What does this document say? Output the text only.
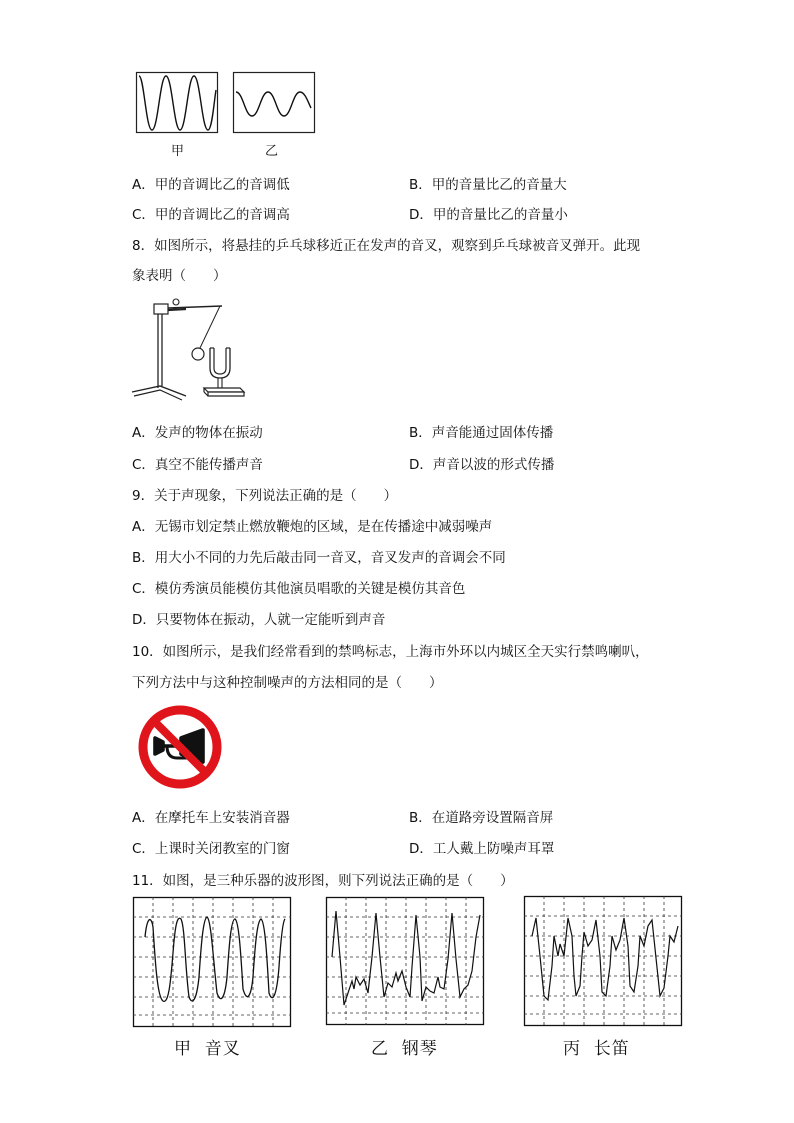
甲	乙
A．甲的音调比乙的音调低	B．甲的音量比乙的音量大
C．甲的音调比乙的音调高	D．甲的音量比乙的音量小
8．如图所示，将悬挂的乒乓球移近正在发声的音叉，观察到乒乓球被音叉弹开。此现
象表明（　　）
A．发声的物体在振动	B．声音能通过固体传播
C．真空不能传播声音	D．声音以波的形式传播
9．关于声现象，下列说法正确的是（　　）
A．无锡市划定禁止燃放鞭炮的区域，是在传播途中减弱噪声
B．用大小不同的力先后敲击同一音叉，音叉发声的音调会不同
C．模仿秀演员能模仿其他演员唱歌的关键是模仿其音色
D．只要物体在振动，人就一定能听到声音
10．如图所示，是我们经常看到的禁鸣标志，上海市外环以内城区全天实行禁鸣喇叭，
下列方法中与这种控制噪声的方法相同的是（　　）
A．在摩托车上安装消音器	B．在道路旁设置隔音屏
C．上课时关闭教室的门窗	D．工人戴上防噪声耳罩
11．如图，是三种乐器的波形图，则下列说法正确的是（　　）
甲  音叉	乙  钢琴	丙  长笛
